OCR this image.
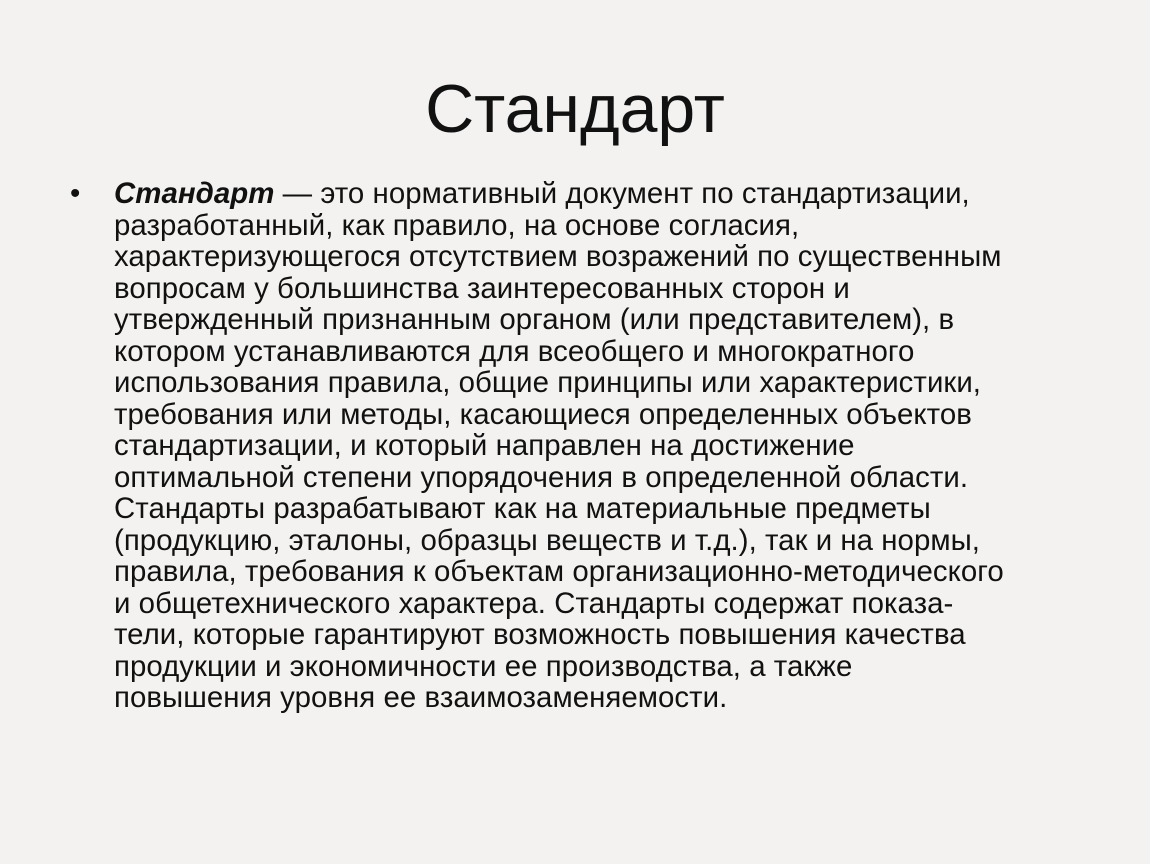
Стандарт
•	Стандарт — это нормативный документ по стандартизации,
разработанный, как правило, на основе согласия,
характеризующегося отсутствием возражений по существенным
вопросам у большинства заинтересованных сторон и
утвержденный признанным органом (или представителем), в
котором устанавливаются для всеобщего и многократного
использования правила, общие принципы или характеристики,
требования или методы, касающиеся определенных объектов
стандартизации, и который направлен на достижение
оптимальной степени упорядочения в определенной области.
Стандарты разрабатывают как на материальные предметы
(продукцию, эталоны, образцы веществ и т.д.), так и на нормы,
правила, требования к объектам организационно-методического
и общетехнического характера. Стандарты содержат показа-
тели, которые гарантируют возможность повышения качества
продукции и экономичности ее производства, а также
повышения уровня ее взаимозаменяемости.
